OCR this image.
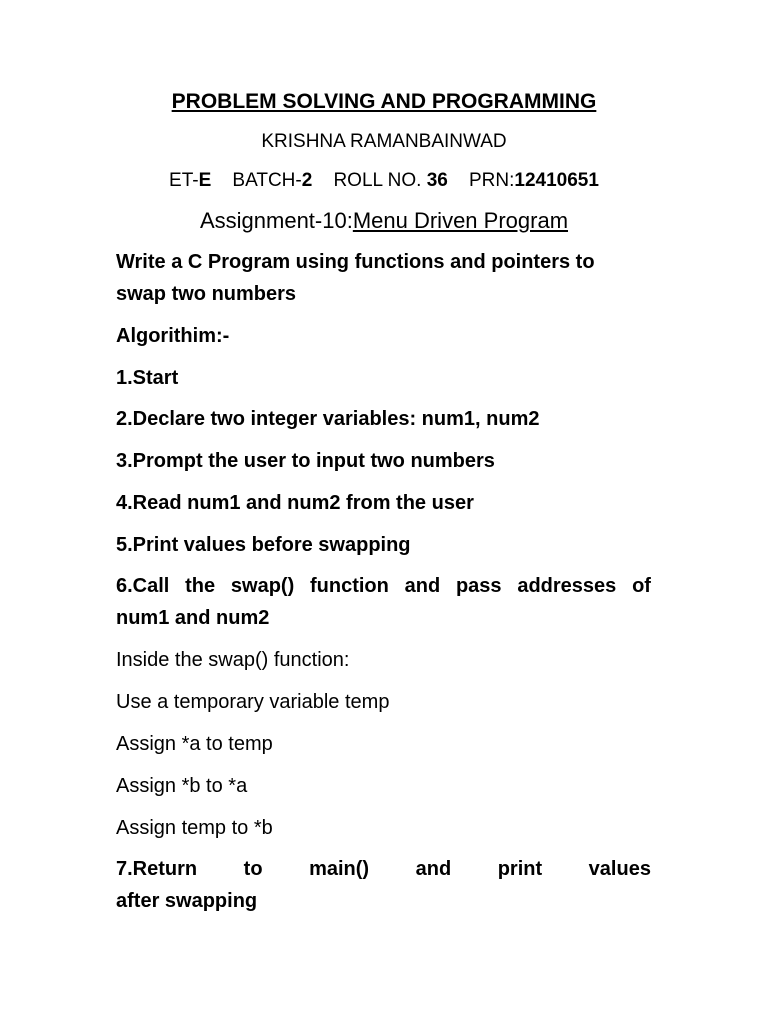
PROBLEM SOLVING AND PROGRAMMING
KRISHNA RAMANBAINWAD
ET-E BATCH-2 ROLL NO. 36 PRN:12410651
Assignment-10:Menu Driven Program
Write a C Program using functions and pointers to
swap two numbers
Algorithim:-
1.Start
2.Declare two integer variables: num1, num2
3.Prompt the user to input two numbers
4.Read num1 and num2 from the user
5.Print values before swapping
6.Call the swap() function and pass addresses of
num1 and num2
Inside the swap() function:
Use a temporary variable temp
Assign *a to temp
Assign *b to *a
Assign temp to *b
7.Return to main() and print values
after swapping
